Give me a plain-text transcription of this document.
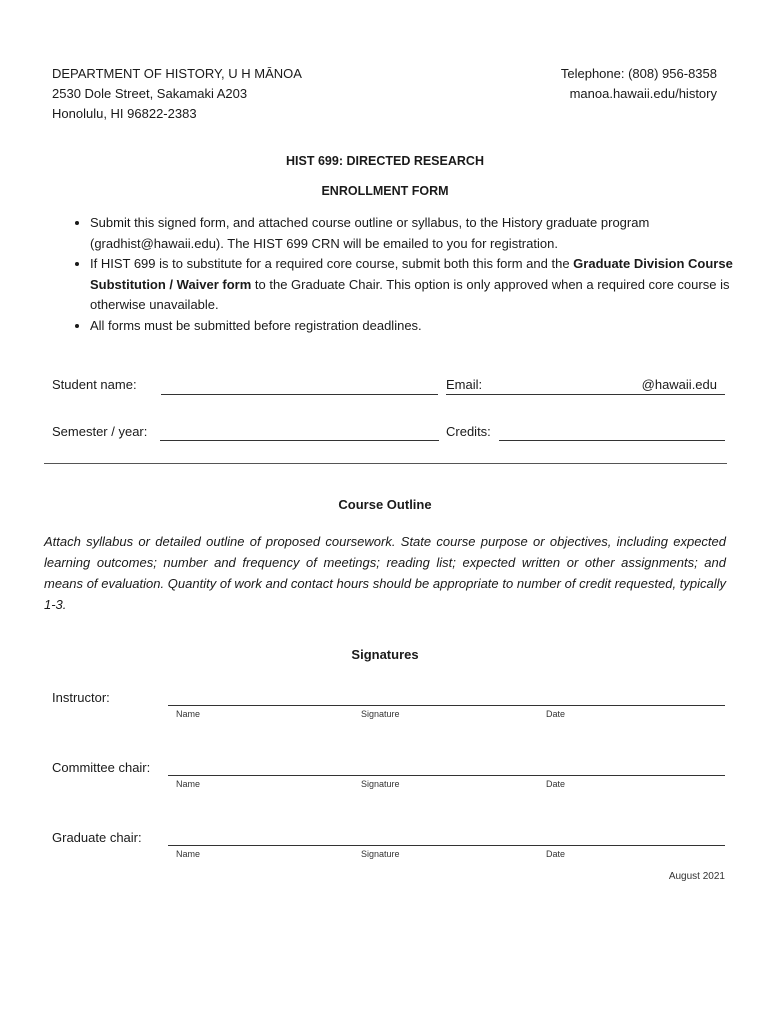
DEPARTMENT OF HISTORY, U H MĀNOA
2530 Dole Street, Sakamaki A203
Honolulu, HI 96822-2383
Telephone: (808) 956-8358
manoa.hawaii.edu/history
HIST 699: DIRECTED RESEARCH
ENROLLMENT FORM
• Submit this signed form, and attached course outline or syllabus, to the History graduate program (gradhist@hawaii.edu). The HIST 699 CRN will be emailed to you for registration.
• If HIST 699 is to substitute for a required core course, submit both this form and the Graduate Division Course Substitution / Waiver form to the Graduate Chair. This option is only approved when a required core course is otherwise unavailable.
• All forms must be submitted before registration deadlines.
Student name:	Email:	@hawaii.edu
Semester / year:	Credits:
Course Outline
Attach syllabus or detailed outline of proposed coursework. State course purpose or objectives, including expected learning outcomes; number and frequency of meetings; reading list; expected written or other assignments; and means of evaluation. Quantity of work and contact hours should be appropriate to number of credit requested, typically 1-3.
Signatures
Instructor:
Name	Signature	Date
Committee chair:
Name	Signature	Date
Graduate chair:
Name	Signature	Date
August 2021
